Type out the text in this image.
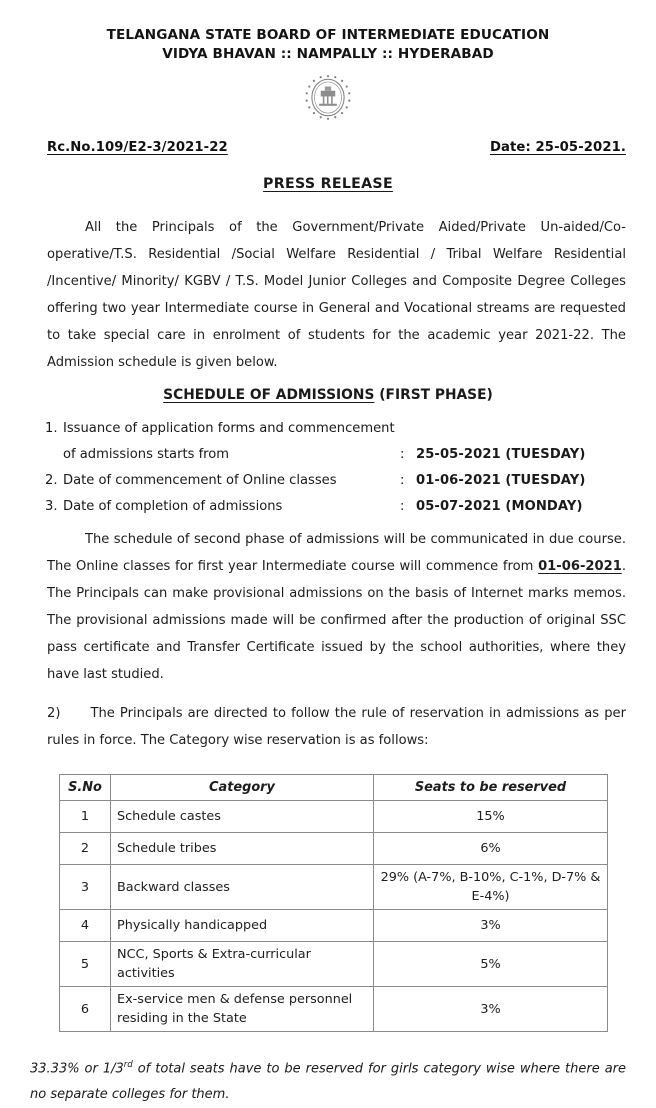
TELANGANA STATE BOARD OF INTERMEDIATE EDUCATION
VIDYA BHAVAN :: NAMPALLY :: HYDERABAD
Rc.No.109/E2-3/2021-22	Date: 25-05-2021.
PRESS RELEASE

All the Principals of the Government/Private Aided/Private Un-aided/Co-operative/T.S. Residential /Social Welfare Residential / Tribal Welfare Residential /Incentive/ Minority/ KGBV / T.S. Model Junior Colleges and Composite Degree Colleges offering two year Intermediate course in General and Vocational streams are requested to take special care in enrolment of students for the academic year 2021-22. The Admission schedule is given below.

SCHEDULE OF ADMISSIONS (FIRST PHASE)
1. Issuance of application forms and commencement
of admissions starts from	: 25-05-2021 (TUESDAY)
2. Date of commencement of Online classes	: 01-06-2021 (TUESDAY)
3. Date of completion of admissions	: 05-07-2021 (MONDAY)

The schedule of second phase of admissions will be communicated in due course. The Online classes for first year Intermediate course will commence from 01-06-2021. The Principals can make provisional admissions on the basis of Internet marks memos. The provisional admissions made will be confirmed after the production of original SSC pass certificate and Transfer Certificate issued by the school authorities, where they have last studied.

2) The Principals are directed to follow the rule of reservation in admissions as per rules in force. The Category wise reservation is as follows:

S.No	Category	Seats to be reserved
1	Schedule castes	15%
2	Schedule tribes	6%
3	Backward classes	29% (A-7%, B-10%, C-1%, D-7% & E-4%)
4	Physically handicapped	3%
5	NCC, Sports & Extra-curricular activities	5%
6	Ex-service men & defense personnel residing in the State	3%
33.33% or 1/3rd of total seats have to be reserved for girls category wise where there are no separate colleges for them.
